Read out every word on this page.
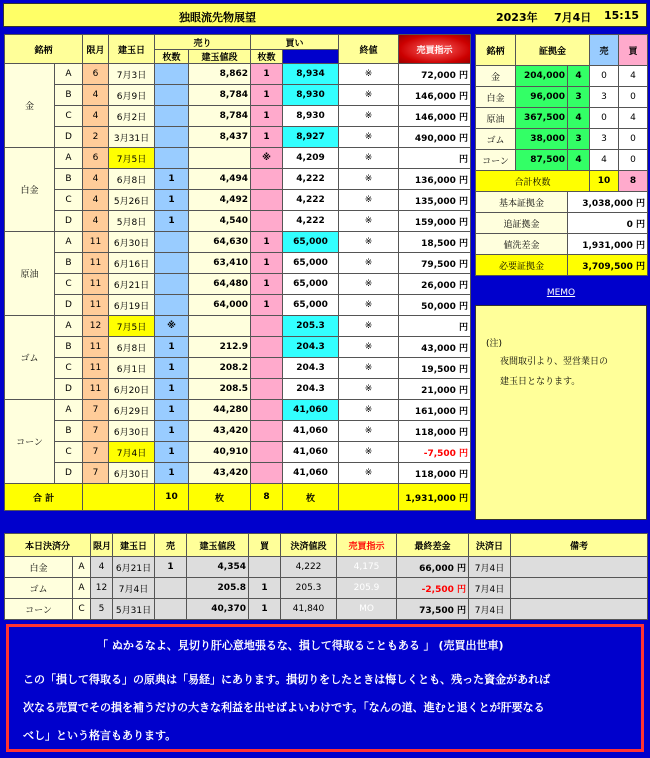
独眼流先物展望	2023年 7月4日 15:15
銘柄		限月	建玉日	売り		買い		終値	売買指示	
				枚数	建玉値段	枚数				
金	A	6	7月3日		8,862	1	8,934	※	72,000 円	
	B	4	6月9日		8,784	1	8,930	※	146,000 円	
	C	4	6月2日		8,784	1	8,930	※	146,000 円	
	D	2	3月31日		8,437	1	8,927	※	490,000 円	
白金	A	6	7月5日			※	4,209	※	円	
	B	4	6月8日	1	4,494		4,222	※	136,000 円	
	C	4	5月26日	1	4,492		4,222	※	135,000 円	
	D	4	5月8日	1	4,540		4,222	※	159,000 円	
原油	A	11	6月30日		64,630	1	65,000	※	18,500 円	
	B	11	6月16日		63,410	1	65,000	※	79,500 円	
	C	11	6月21日		64,480	1	65,000	※	26,000 円	
	D	11	6月19日		64,000	1	65,000	※	50,000 円	
ゴム	A	12	7月5日	※			205.3	※	円	
	B	11	6月8日	1	212.9		204.3	※	43,000 円	
	C	11	6月1日	1	208.2		204.3	※	19,500 円	
	D	11	6月20日	1	208.5		204.3	※	21,000 円	
コーン	A	7	6月29日	1	44,280		41,060	※	161,000 円	
	B	7	6月30日	1	43,420		41,060	※	118,000 円	
	C	7	7月4日	1	40,910		41,060	※	-7,500 円	
	D	7	6月30日	1	43,420		41,060	※	118,000 円	
合 計				10	枚	8	枚		1,931,000 円	
銘柄	証拠金		売	買
金	204,000	4	0	4
白金	96,000	3	3	0
原油	367,500	4	0	4
ゴム	38,000	3	3	0
コーン	87,500	4	4	0
合計枚数			10	8
基本証拠金		3,038,000 円		
追証拠金		0 円		
値洗差金		1,931,000 円		
必要証拠金		3,709,500 円		
MEMO
(注)
夜間取引より、翌営業日の
建玉日となります。
本日決済分		限月	建玉日	売	建玉値段	買	決済値段	売買指示	最終差金	決済日	備考
白金	A	4	6月21日	1	4,354		4,222	4,175	66,000 円	7月4日	
ゴム	A	12	7月4日		205.8	1	205.3	205.9	-2,500 円	7月4日	
コーン	C	5	5月31日		40,370	1	41,840	MO	73,500 円	7月4日	

「 ぬかるなよ、見切り肝心意地張るな、損して得取ることもある 」 (売買出世車)

この「損して得取る」の原典は「易経」にあります。損切りをしたときは悔しくとも、残った資金があれば

次なる売買でその損を補うだけの大きな利益を出せばよいわけです。「なんの道、進むと退くとが肝要なる

べし」という格言もあります。
